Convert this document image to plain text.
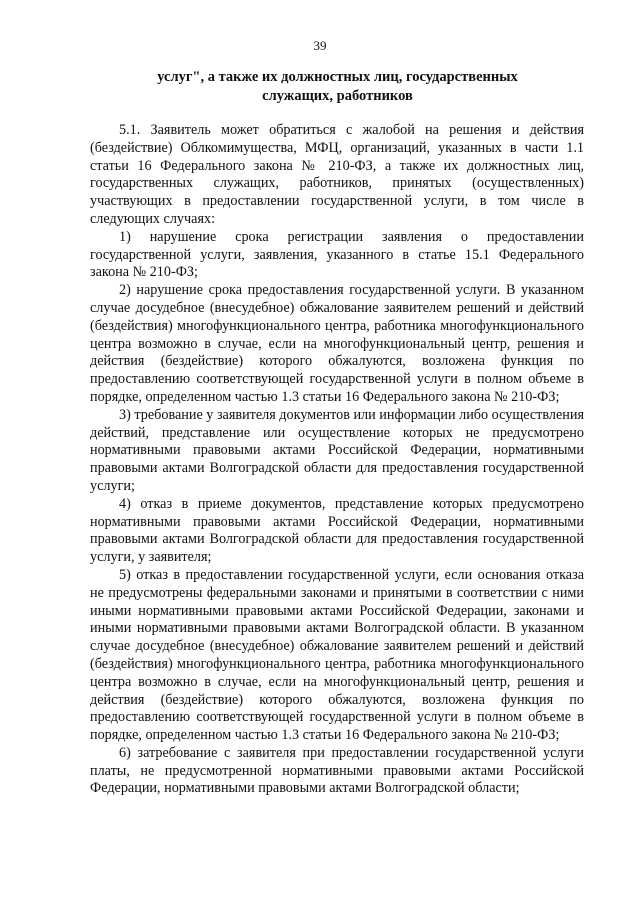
39
услуг", а также их должностных лиц, государственных
служащих, работников

5.1. Заявитель может обратиться с жалобой на решения и действия (бездействие) Облкомимущества, МФЦ, организаций, указанных в части 1.1 статьи 16 Федерального закона № 210-ФЗ, а также их должностных лиц, государственных служащих, работников, принятых (осуществленных) участвующих в предоставлении государственной услуги, в том числе в следующих случаях:

1) нарушение срока регистрации заявления о предоставлении государственной услуги, заявления, указанного в статье 15.1 Федерального закона № 210-ФЗ;

2) нарушение срока предоставления государственной услуги. В указанном случае досудебное (внесудебное) обжалование заявителем решений и действий (бездействия) многофункционального центра, работника многофункционального центра возможно в случае, если на многофункциональный центр, решения и действия (бездействие) которого обжалуются, возложена функция по предоставлению соответствующей государственной услуги в полном объеме в порядке, определенном частью 1.3 статьи 16 Федерального закона № 210-ФЗ;

3) требование у заявителя документов или информации либо осуществления действий, представление или осуществление которых не предусмотрено нормативными правовыми актами Российской Федерации, нормативными правовыми актами Волгоградской области для предоставления государственной услуги;

4) отказ в приеме документов, представление которых предусмотрено нормативными правовыми актами Российской Федерации, нормативными правовыми актами Волгоградской области для предоставления государственной услуги, у заявителя;

5) отказ в предоставлении государственной услуги, если основания отказа не предусмотрены федеральными законами и принятыми в соответствии с ними иными нормативными правовыми актами Российской Федерации, законами и иными нормативными правовыми актами Волгоградской области. В указанном случае досудебное (внесудебное) обжалование заявителем решений и действий (бездействия) многофункционального центра, работника многофункционального центра возможно в случае, если на многофункциональный центр, решения и действия (бездействие) которого обжалуются, возложена функция по предоставлению соответствующей государственной услуги в полном объеме в порядке, определенном частью 1.3 статьи 16 Федерального закона № 210-ФЗ;

6) затребование с заявителя при предоставлении государственной услуги платы, не предусмотренной нормативными правовыми актами Российской Федерации, нормативными правовыми актами Волгоградской области;
